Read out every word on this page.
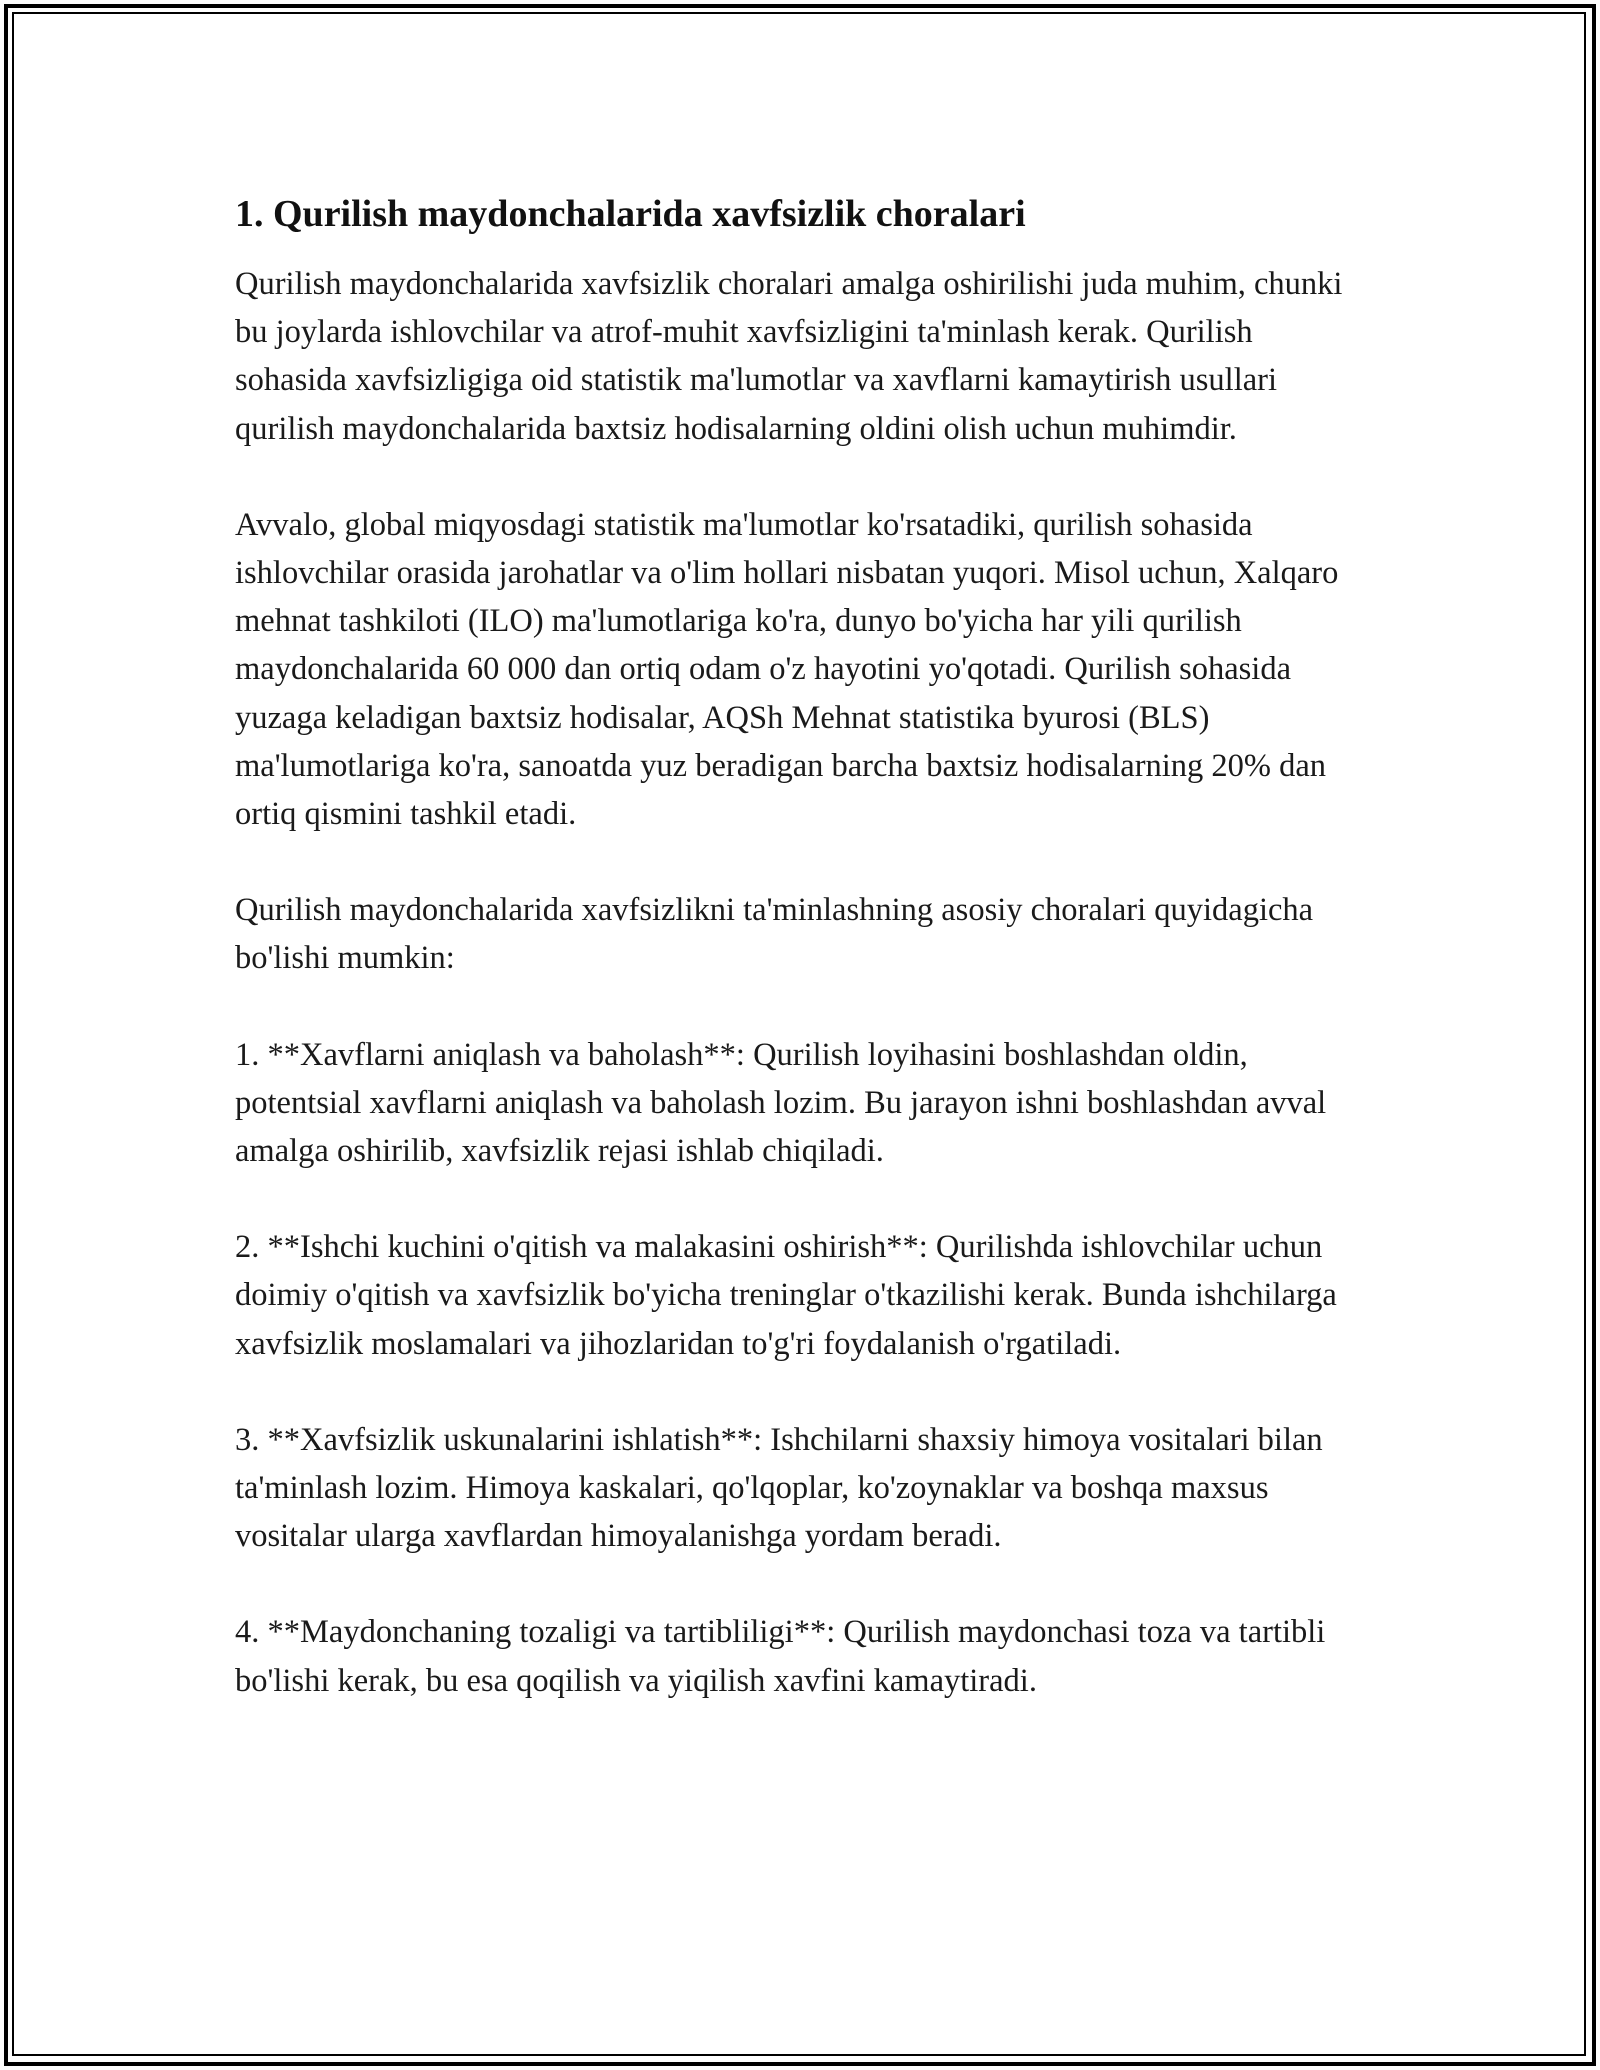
1. Qurilish maydonchalarida xavfsizlik choralari

Qurilish maydonchalarida xavfsizlik choralari amalga oshirilishi juda muhim, chunki bu joylarda ishlovchilar va atrof-muhit xavfsizligini ta'minlash kerak. Qurilish sohasida xavfsizligiga oid statistik ma'lumotlar va xavflarni kamaytirish usullari qurilish maydonchalarida baxtsiz hodisalarning oldini olish uchun muhimdir.

Avvalo, global miqyosdagi statistik ma'lumotlar ko'rsatadiki, qurilish sohasida ishlovchilar orasida jarohatlar va o'lim hollari nisbatan yuqori. Misol uchun, Xalqaro mehnat tashkiloti (ILO) ma'lumotlariga ko'ra, dunyo bo'yicha har yili qurilish maydonchalarida 60 000 dan ortiq odam o'z hayotini yo'qotadi. Qurilish sohasida yuzaga keladigan baxtsiz hodisalar, AQSh Mehnat statistika byurosi (BLS) ma'lumotlariga ko'ra, sanoatda yuz beradigan barcha baxtsiz hodisalarning 20% dan ortiq qismini tashkil etadi.

Qurilish maydonchalarida xavfsizlikni ta'minlashning asosiy choralari quyidagicha bo'lishi mumkin:

1. **Xavflarni aniqlash va baholash**: Qurilish loyihasini boshlashdan oldin, potentsial xavflarni aniqlash va baholash lozim. Bu jarayon ishni boshlashdan avval amalga oshirilib, xavfsizlik rejasi ishlab chiqiladi.

2. **Ishchi kuchini o'qitish va malakasini oshirish**: Qurilishda ishlovchilar uchun doimiy o'qitish va xavfsizlik bo'yicha treninglar o'tkazilishi kerak. Bunda ishchilarga xavfsizlik moslamalari va jihozlaridan to'g'ri foydalanish o'rgatiladi.

3. **Xavfsizlik uskunalarini ishlatish**: Ishchilarni shaxsiy himoya vositalari bilan ta'minlash lozim. Himoya kaskalari, qo'lqoplar, ko'zoynaklar va boshqa maxsus vositalar ularga xavflardan himoyalanishga yordam beradi.

4. **Maydonchaning tozaligi va tartibliligi**: Qurilish maydonchasi toza va tartibli bo'lishi kerak, bu esa qoqilish va yiqilish xavfini kamaytiradi.
